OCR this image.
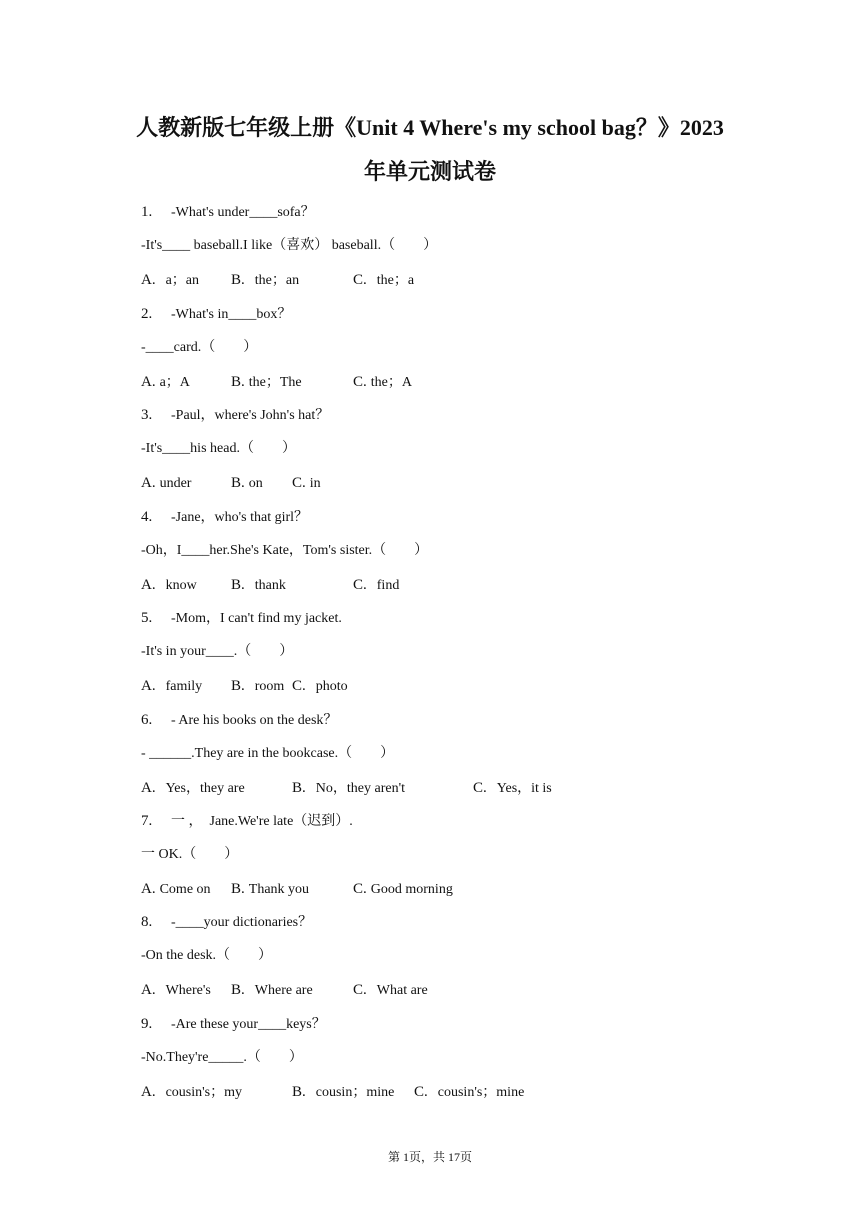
人教新版七年级上册《Unit 4 Where's my school bag？》2023
年单元测试卷
1. -What's under____sofa？
-It's____ baseball.I like（喜欢） baseball.（　　）
A. a；an B. the；an	C. the；a
2. -What's in____box？
-____card.（　　）
A. a；A	B. the；The	C. the；A
3. -Paul，where's John's hat？
-It's____his head.（　　）
A. under	B. on C. in
4. -Jane，who's that girl？
-Oh，I____her.She's Kate，Tom's sister.（　　）
A. know B. thank	C. find
5. -Mom，I can't find my jacket.
-It's in your____.（　　）
A. family B. room C. photo
6. - Are his books on the desk？
- ______.They are in the bookcase.（　　）
A. Yes，they are	B. No，they aren't	C. Yes，it is
7. 一 ，　Jane.We're late（迟到）.
一 OK.（　　）
A. Come on B. Thank you	C. Good morning
8. -____your dictionaries？
-On the desk.（　　）
A. Where's B. Where are	C. What are
9. -Are these your____keys？
-No.They're_____.（　　）
A. cousin's；my	B. cousin；mine C. cousin's；mine
第 1页，共 17页
